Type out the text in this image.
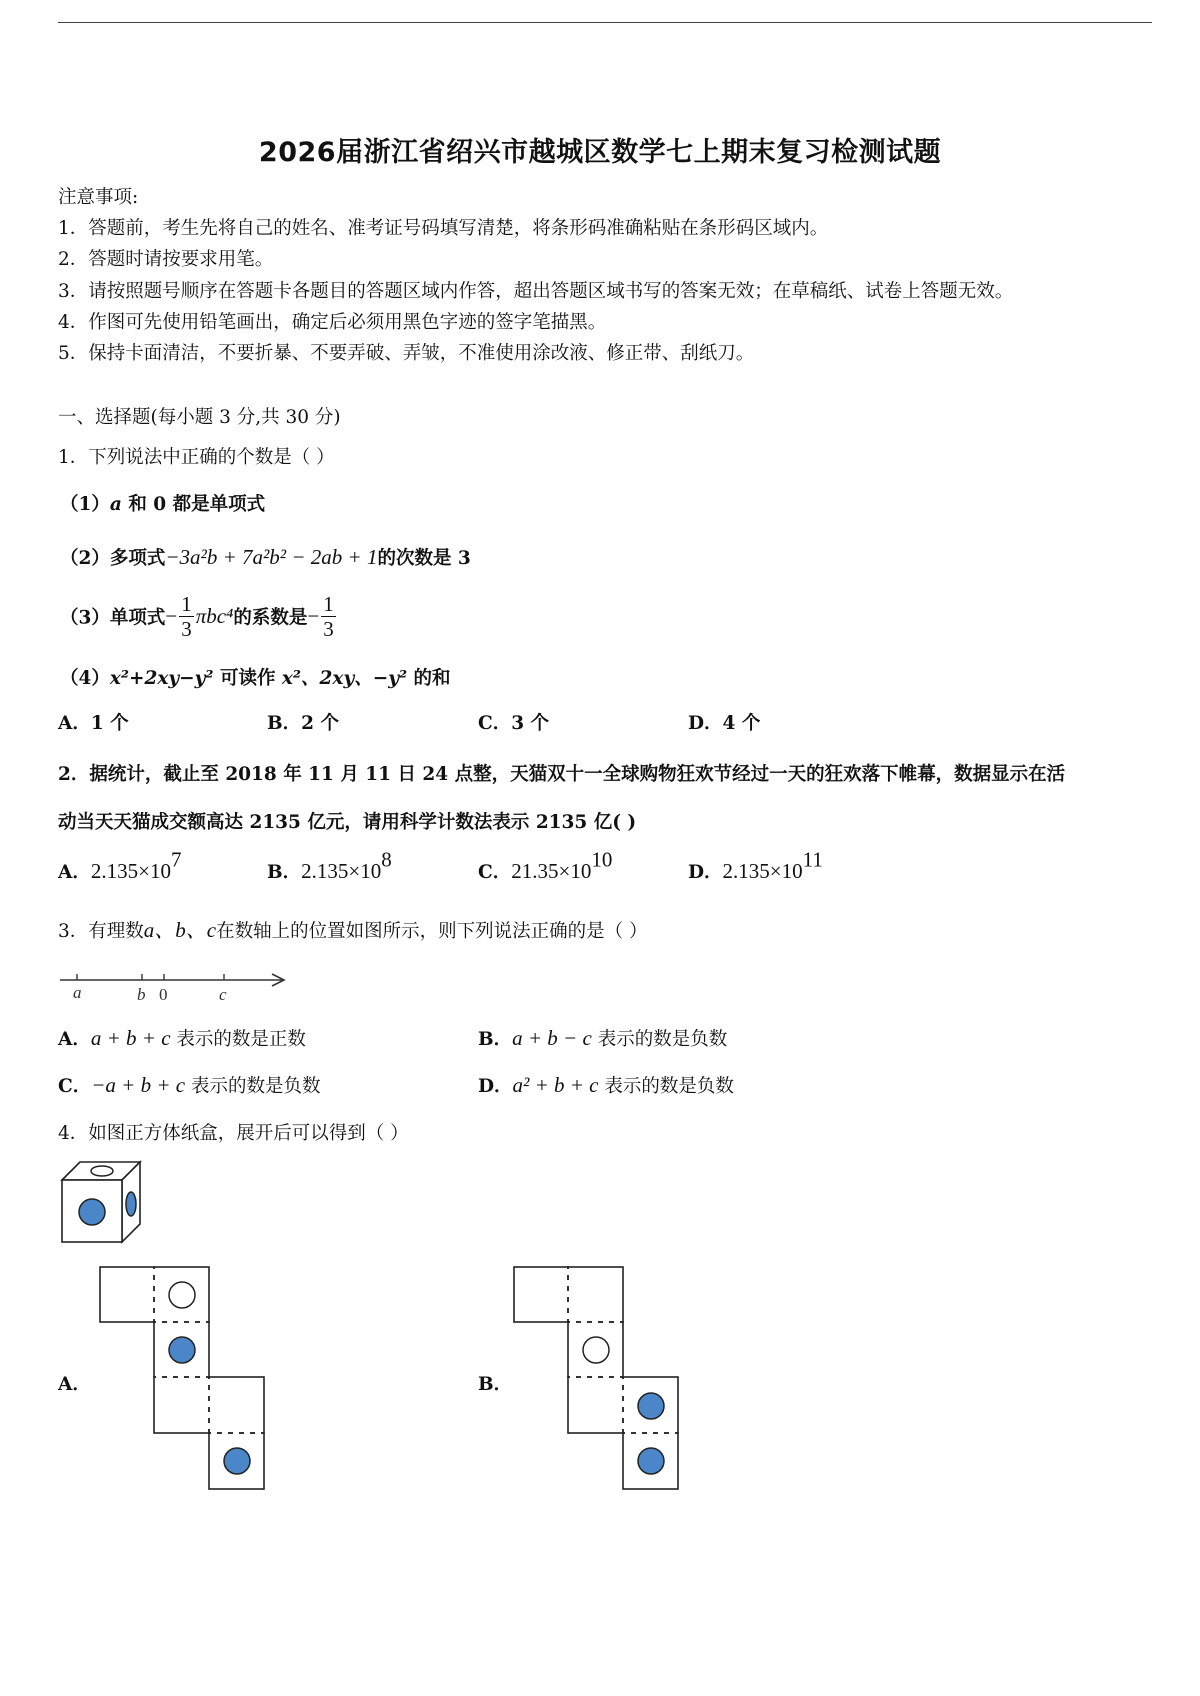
2026届浙江省绍兴市越城区数学七上期末复习检测试题
注意事项:
1．答题前，考生先将自己的姓名、准考证号码填写清楚，将条形码准确粘贴在条形码区域内。
2．答题时请按要求用笔。
3．请按照题号顺序在答题卡各题目的答题区域内作答，超出答题区域书写的答案无效；在草稿纸、试卷上答题无效。
4．作图可先使用铅笔画出，确定后必须用黑色字迹的签字笔描黑。
5．保持卡面清洁，不要折暴、不要弄破、弄皱，不准使用涂改液、修正带、刮纸刀。
一、选择题(每小题 3 分,共 30 分)
1．下列说法中正确的个数是（ ）
（1）a 和 0 都是单项式
（2）多项式−3a²b + 7a²b² − 2ab + 1的次数是 3
（3）单项式− $\frac{1}{3} \pi bc^4$的系数是− $\frac{1}{3}$
（4）x²+2xy−y² 可读作 x²、2xy、−y² 的和
A．1 个	B．2 个	C．3 个	D．4 个
2．据统计，截止至 2018 年 11 月 11 日 24 点整，天猫双十一全球购物狂欢节经过一天的狂欢落下帷幕，数据显示在活
动当天天猫成交额高达 2135 亿元，请用科学计数法表示 2135 亿( )
A．$2.135\times 10^7$
B．$2.135\times 10^8$
C．$21.35\times 10^{10}$
D．$2.135\times 10^{11}$
3．有理数a、b、c在数轴上的位置如图所示，则下列说法正确的是（ ）
a	b 0	c
A．a + b + c 表示的数是正数	B．a + b − c 表示的数是负数
C．−a + b + c 表示的数是负数	D．a² + b + c 表示的数是负数
4．如图正方体纸盒，展开后可以得到（ ）
A．	B．
